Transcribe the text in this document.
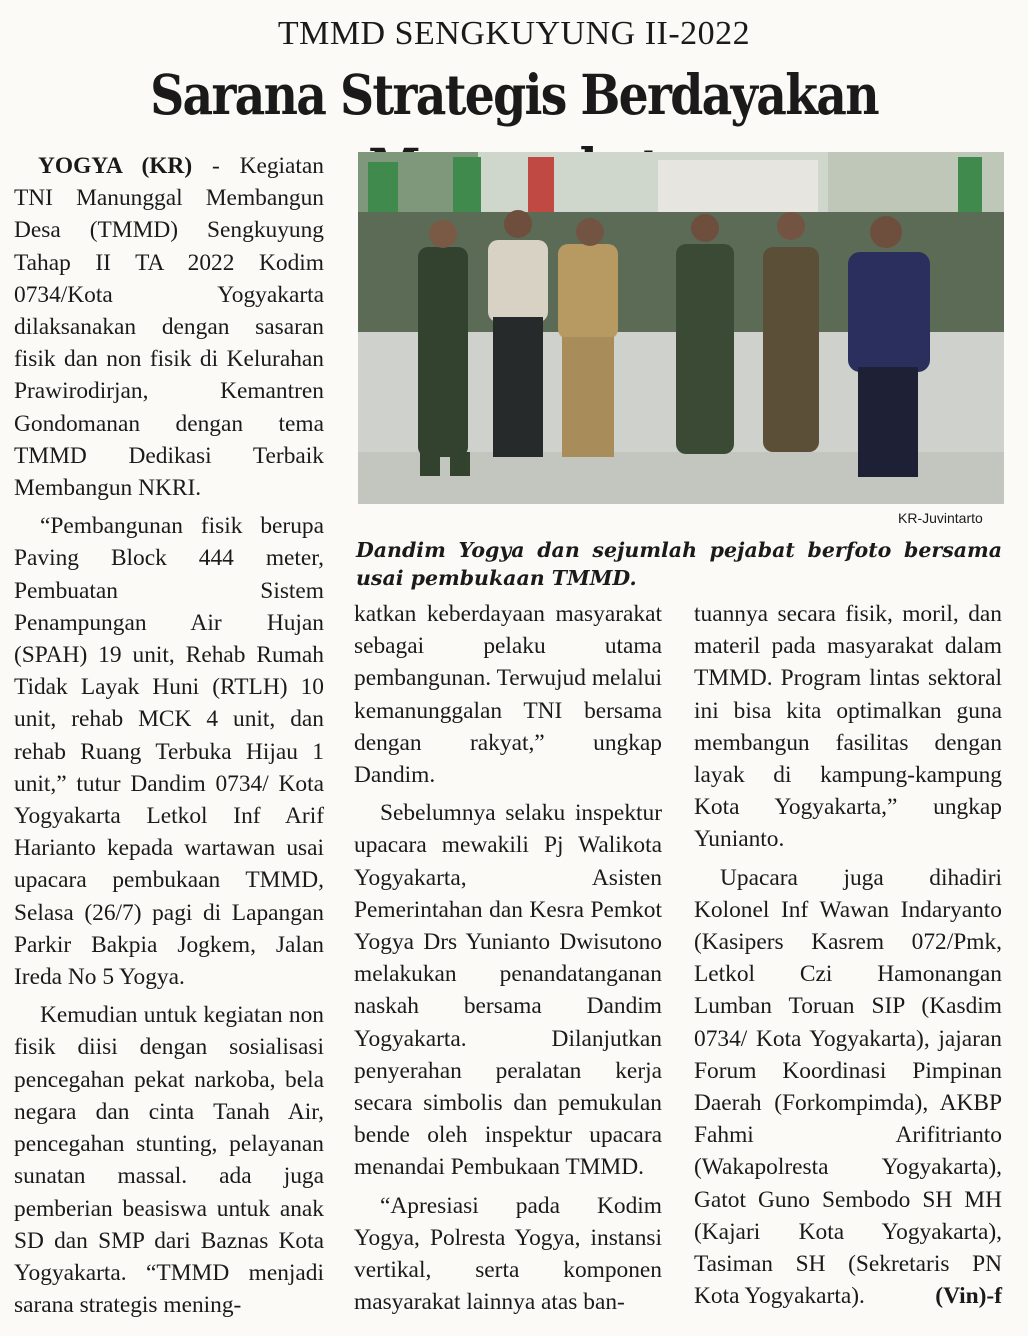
TMMD SENGKUYUNG II-2022
Sarana Strategis Berdayakan

YOGYA (KR) - Kegiatan TNI Manunggal Membangun Desa (TMMD) Sengkuyung Tahap II TA 2022 Kodim 0734/Kota Yogyakarta dilaksanakan dengan sasaran fisik dan non fisik di Kelurahan Prawirodirjan, Kemantren Gondomanan dengan tema TMMD Dedikasi Terbaik Membangun NKRI.

“Pembangunan fisik berupa Paving Block 444 meter, Pembuatan Sistem Penampungan Air Hujan (SPAH) 19 unit, Rehab Rumah Tidak Layak Huni (RTLH) 10 unit, rehab MCK 4 unit, dan rehab Ruang Terbuka Hijau 1 unit,” tutur Dandim 0734/ Kota Yogyakarta Letkol Inf Arif Harianto kepada wartawan usai upacara pembukaan TMMD, Selasa (26/7) pagi di Lapangan Parkir Bakpia Jogkem, Jalan Ireda No 5 Yogya.

Kemudian untuk kegiatan non fisik diisi dengan sosialisasi pencegahan pekat narkoba, bela negara dan cinta Tanah Air, pencegahan stunting, pelayanan sunatan massal. ada juga pemberian beasiswa untuk anak SD dan SMP dari Baznas Kota Yogyakarta. “TMMD menjadi sarana strategis mening-

KR-Juvintarto
Dandim Yogya dan sejumlah pejabat berfoto bersama usai pembukaan TMMD.

katkan keberdayaan masyarakat sebagai pelaku utama pembangunan. Terwujud melalui kemanunggalan TNI bersama dengan rakyat,” ungkap Dandim.

Sebelumnya selaku inspektur upacara mewakili Pj Walikota Yogyakarta, Asisten Pemerintahan dan Kesra Pemkot Yogya Drs Yunianto Dwisutono melakukan penandatanganan naskah bersama Dandim Yogyakarta. Dilanjutkan penyerahan peralatan kerja secara simbolis dan pemukulan bende oleh inspektur upacara menandai Pembukaan TMMD.

“Apresiasi pada Kodim Yogya, Polresta Yogya, instansi vertikal, serta komponen masyarakat lainnya atas ban-

tuannya secara fisik, moril, dan materil pada masyarakat dalam TMMD. Program lintas sektoral ini bisa kita optimalkan guna membangun fasilitas dengan layak di kampung-kampung Kota Yogyakarta,” ungkap Yunianto.

Upacara juga dihadiri Kolonel Inf Wawan Indaryanto (Kasipers Kasrem 072/Pmk, Letkol Czi Hamonangan Lumban Toruan SIP (Kasdim 0734/ Kota Yogyakarta), jajaran Forum Koordinasi Pimpinan Daerah (Forkompimda), AKBP Fahmi Arifitrianto (Wakapolresta Yogyakarta), Gatot Guno Sembodo SH MH (Kajari Kota Yogyakarta), Tasiman SH (Sekretaris PN Kota Yogyakarta).	(Vin)-f
